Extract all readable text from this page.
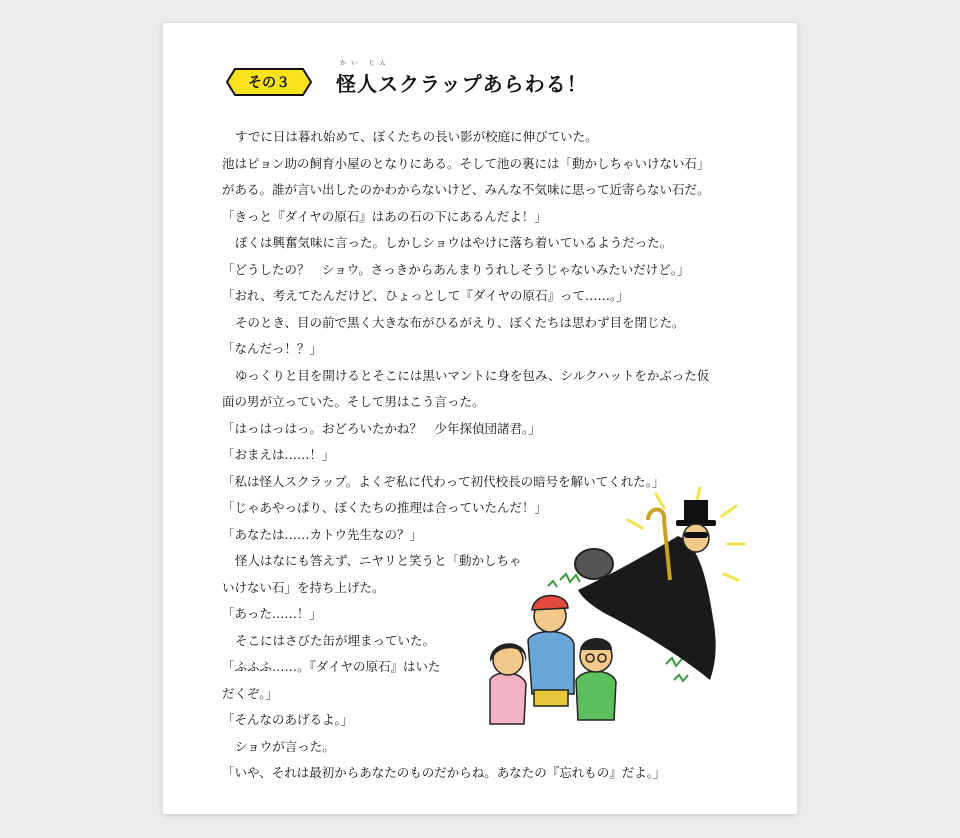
その３
かい じん
怪人スクラップあらわる！
すでに日は暮れ始めて、ぼくたちの長い影が校庭に伸びていた。
池はピョン助の飼育小屋のとなりにある。そして池の裏には「動かしちゃいけない石」
がある。誰が言い出したのかわからないけど、みんな不気味に思って近寄らない石だ。
「きっと『ダイヤの原石』はあの石の下にあるんだよ！」
ぼくは興奮気味に言った。しかしショウはやけに落ち着いているようだった。
「どうしたの？　ショウ。さっきからあんまりうれしそうじゃないみたいだけど。」
「おれ、考えてたんだけど、ひょっとして『ダイヤの原石』って……。」
そのとき、目の前で黒く大きな布がひるがえり、ぼくたちは思わず目を閉じた。
「なんだっ！？」
ゆっくりと目を開けるとそこには黒いマントに身を包み、シルクハットをかぶった仮
面の男が立っていた。そして男はこう言った。
「はっはっはっ。おどろいたかね？　少年探偵団諸君。」
「おまえは……！」
「私は怪人スクラップ。よくぞ私に代わって初代校長の暗号を解いてくれた。」
「じゃあやっぱり、ぼくたちの推理は合っていたんだ！」
「あなたは……カトウ先生なの？」
怪人はなにも答えず、ニヤリと笑うと「動かしちゃ
いけない石」を持ち上げた。
「あった……！」
そこにはさびた缶が埋まっていた。
「ふふふ……。『ダイヤの原石』はいた
だくぞ。」
「そんなのあげるよ。」
ショウが言った。
「いや、それは最初からあなたのものだからね。あなたの『忘れもの』だよ。」
